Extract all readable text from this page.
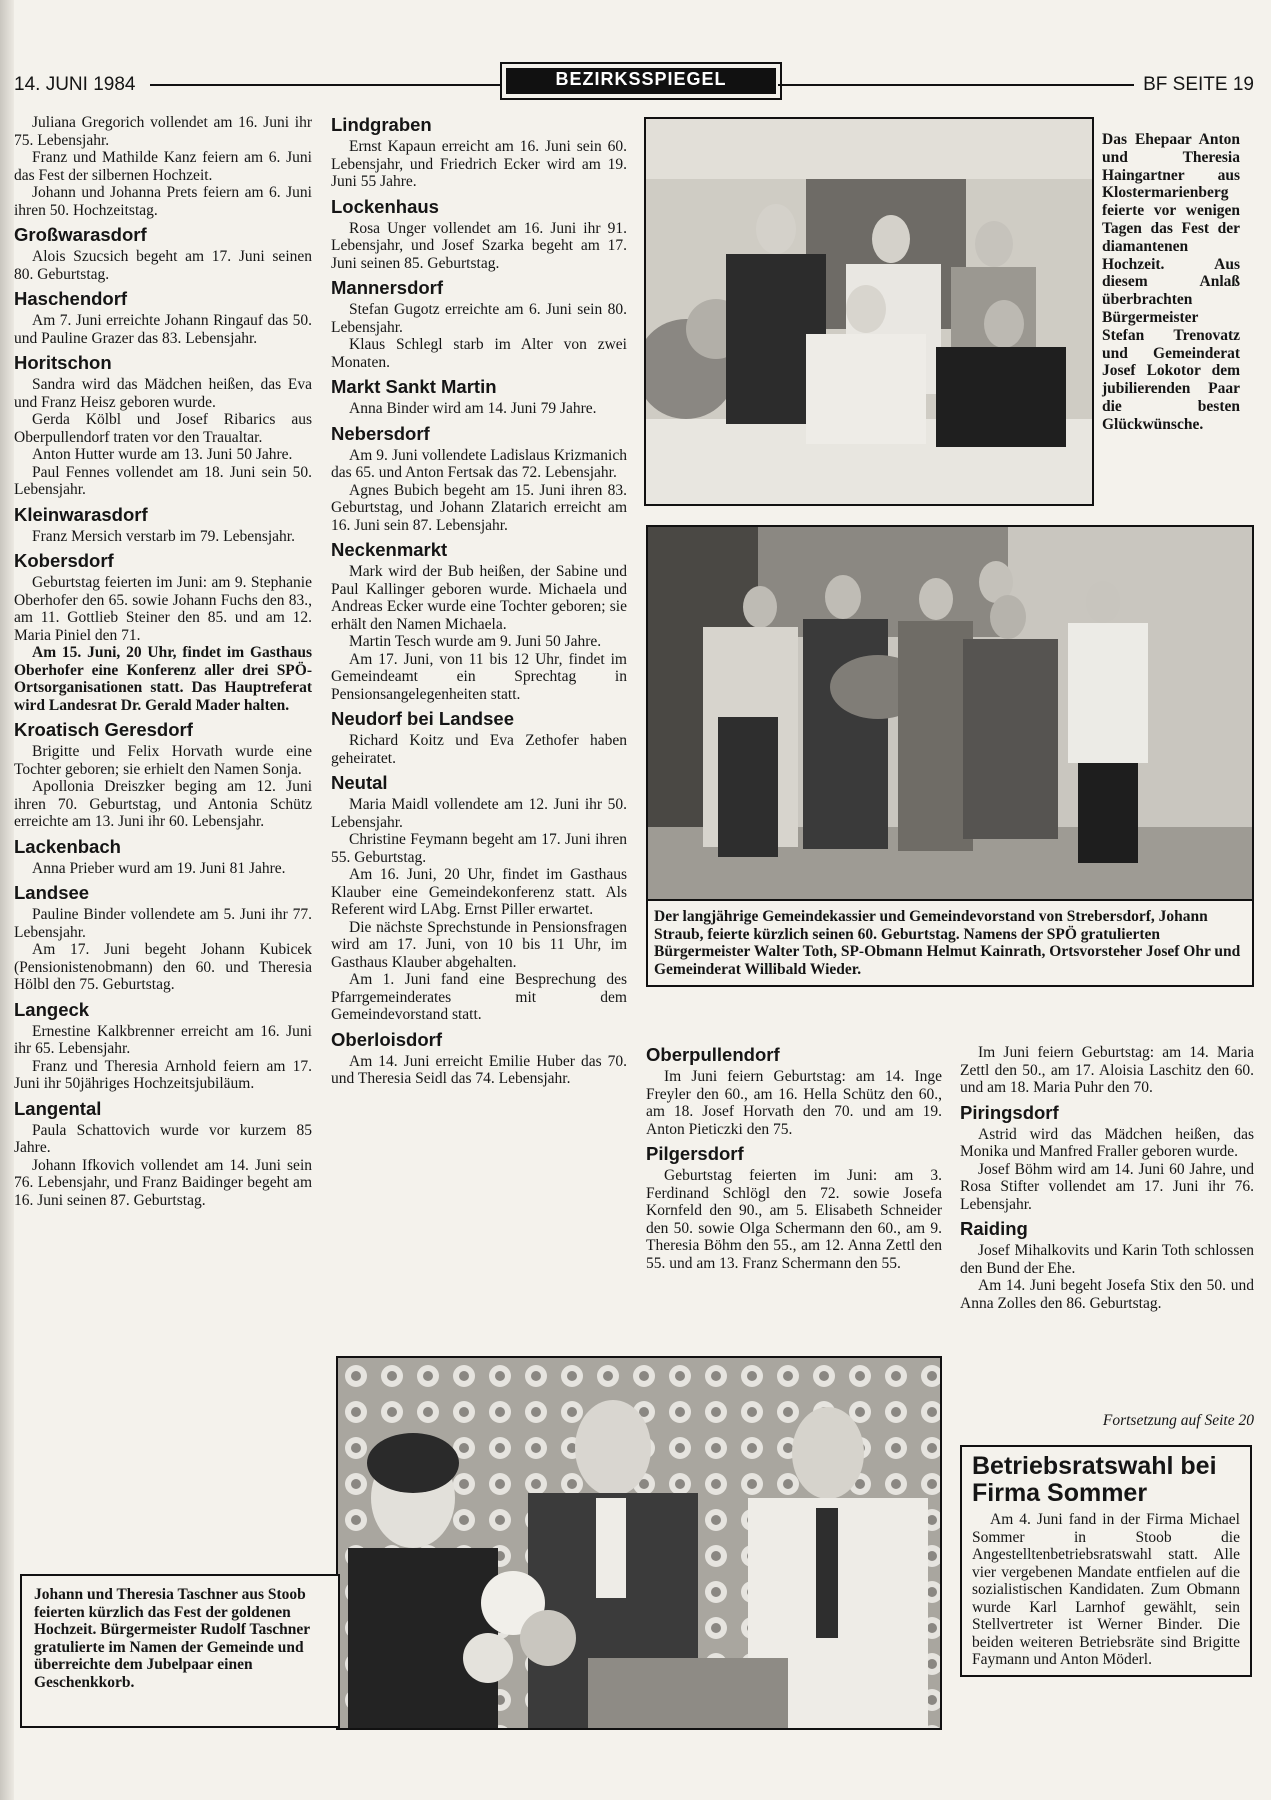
14. JUNI 1984	BEZIRKSSPIEGEL	BF SEITE 19

Juliana Gregorich vollendet am 16. Juni ihr 75. Lebensjahr.

Franz und Mathilde Kanz feiern am 6. Juni das Fest der silbernen Hochzeit.

Johann und Johanna Prets feiern am 6. Juni ihren 50. Hochzeitstag.

Großwarasdorf

Alois Szucsich begeht am 17. Juni seinen 80. Geburtstag.

Haschendorf

Am 7. Juni erreichte Johann Ringauf das 50. und Pauline Grazer das 83. Lebensjahr.

Horitschon

Sandra wird das Mädchen heißen, das Eva und Franz Heisz geboren wurde.

Gerda Kölbl und Josef Ribarics aus Oberpullendorf traten vor den Traualtar.

Anton Hutter wurde am 13. Juni 50 Jahre.

Paul Fennes vollendet am 18. Juni sein 50. Lebensjahr.

Kleinwarasdorf

Franz Mersich verstarb im 79. Lebensjahr.

Kobersdorf

Geburtstag feierten im Juni: am 9. Stephanie Oberhofer den 65. sowie Johann Fuchs den 83., am 11. Gottlieb Steiner den 85. und am 12. Maria Piniel den 71.

Am 15. Juni, 20 Uhr, findet im Gasthaus Oberhofer eine Konferenz aller drei SPÖ-Ortsorganisationen statt. Das Hauptreferat wird Landesrat Dr. Gerald Mader halten.

Kroatisch Geresdorf

Brigitte und Felix Horvath wurde eine Tochter geboren; sie erhielt den Namen Sonja.

Apollonia Dreiszker beging am 12. Juni ihren 70. Geburtstag, und Antonia Schütz erreichte am 13. Juni ihr 60. Lebensjahr.

Lackenbach

Anna Prieber wurd am 19. Juni 81 Jahre.

Landsee

Pauline Binder vollendete am 5. Juni ihr 77. Lebensjahr.

Am 17. Juni begeht Johann Kubicek (Pensionistenobmann) den 60. und Theresia Hölbl den 75. Geburtstag.

Langeck

Ernestine Kalkbrenner erreicht am 16. Juni ihr 65. Lebensjahr.

Franz und Theresia Arnhold feiern am 17. Juni ihr 50jähriges Hochzeitsjubiläum.

Langental

Paula Schattovich wurde vor kurzem 85 Jahre.

Johann Ifkovich vollendet am 14. Juni sein 76. Lebensjahr, und Franz Baidinger begeht am 16. Juni seinen 87. Geburtstag.

Lindgraben

Ernst Kapaun erreicht am 16. Juni sein 60. Lebensjahr, und Friedrich Ecker wird am 19. Juni 55 Jahre.

Lockenhaus

Rosa Unger vollendet am 16. Juni ihr 91. Lebensjahr, und Josef Szarka begeht am 17. Juni seinen 85. Geburtstag.

Mannersdorf

Stefan Gugotz erreichte am 6. Juni sein 80. Lebensjahr.

Klaus Schlegl starb im Alter von zwei Monaten.

Markt Sankt Martin

Anna Binder wird am 14. Juni 79 Jahre.

Nebersdorf

Am 9. Juni vollendete Ladislaus Krizmanich das 65. und Anton Fertsak das 72. Lebensjahr.

Agnes Bubich begeht am 15. Juni ihren 83. Geburtstag, und Johann Zlatarich erreicht am 16. Juni sein 87. Lebensjahr.

Neckenmarkt

Mark wird der Bub heißen, der Sabine und Paul Kallinger geboren wurde. Michaela und Andreas Ecker wurde eine Tochter geboren; sie erhält den Namen Michaela.

Martin Tesch wurde am 9. Juni 50 Jahre.

Am 17. Juni, von 11 bis 12 Uhr, findet im Gemeindeamt ein Sprechtag in Pensionsangelegenheiten statt.

Neudorf bei Landsee

Richard Koitz und Eva Zethofer haben geheiratet.

Neutal

Maria Maidl vollendete am 12. Juni ihr 50. Lebensjahr.

Christine Feymann begeht am 17. Juni ihren 55. Geburtstag.

Am 16. Juni, 20 Uhr, findet im Gasthaus Klauber eine Gemeindekonferenz statt. Als Referent wird LAbg. Ernst Piller erwartet.

Die nächste Sprechstunde in Pensionsfragen wird am 17. Juni, von 10 bis 11 Uhr, im Gasthaus Klauber abgehalten.

Am 1. Juni fand eine Besprechung des Pfarrgemeinderates mit dem Gemeindevorstand statt.

Oberloisdorf

Am 14. Juni erreicht Emilie Huber das 70. und Theresia Seidl das 74. Lebensjahr.

Das Ehepaar Anton und Theresia Haingartner aus Klostermarienberg feierte vor wenigen Tagen das Fest der diamantenen Hochzeit. Aus diesem Anlaß überbrachten Bürgermeister Stefan Trenovatz und Gemeinderat Josef Lokotor dem jubilierenden Paar die besten Glückwünsche.

Der langjährige Gemeindekassier und Gemeindevorstand von Strebersdorf, Johann Straub, feierte kürzlich seinen 60. Geburtstag. Namens der SPÖ gratulierten Bürgermeister Walter Toth, SP-Obmann Helmut Kainrath, Ortsvorsteher Josef Ohr und Gemeinderat Willibald Wieder.

Oberpullendorf

Im Juni feiern Geburtstag: am 14. Inge Freyler den 60., am 16. Hella Schütz den 60., am 18. Josef Horvath den 70. und am 19. Anton Pieticzki den 75.

Pilgersdorf

Geburtstag feierten im Juni: am 3. Ferdinand Schlögl den 72. sowie Josefa Kornfeld den 90., am 5. Elisabeth Schneider den 50. sowie Olga Schermann den 60., am 9. Theresia Böhm den 55., am 12. Anna Zettl den 55. und am 13. Franz Schermann den 55.

Im Juni feiern Geburtstag: am 14. Maria Zettl den 50., am 17. Aloisia Laschitz den 60. und am 18. Maria Puhr den 70.

Piringsdorf

Astrid wird das Mädchen heißen, das Monika und Manfred Fraller geboren wurde.

Josef Böhm wird am 14. Juni 60 Jahre, und Rosa Stifter vollendet am 17. Juni ihr 76. Lebensjahr.

Raiding

Josef Mihalkovits und Karin Toth schlossen den Bund der Ehe.

Am 14. Juni begeht Josefa Stix den 50. und Anna Zolles den 86. Geburtstag.

Fortsetzung auf Seite 20
Betriebsratswahl bei Firma Sommer

Am 4. Juni fand in der Firma Michael Sommer in Stoob die Angestelltenbetriebsratswahl statt. Alle vier vergebenen Mandate entfielen auf die sozialistischen Kandidaten. Zum Obmann wurde Karl Larnhof gewählt, sein Stellvertreter ist Werner Binder. Die beiden weiteren Betriebsräte sind Brigitte Faymann und Anton Möderl.

Johann und Theresia Taschner aus Stoob feierten kürzlich das Fest der goldenen Hochzeit. Bürgermeister Rudolf Taschner gratulierte im Namen der Gemeinde und überreichte dem Jubelpaar einen Geschenkkorb.
